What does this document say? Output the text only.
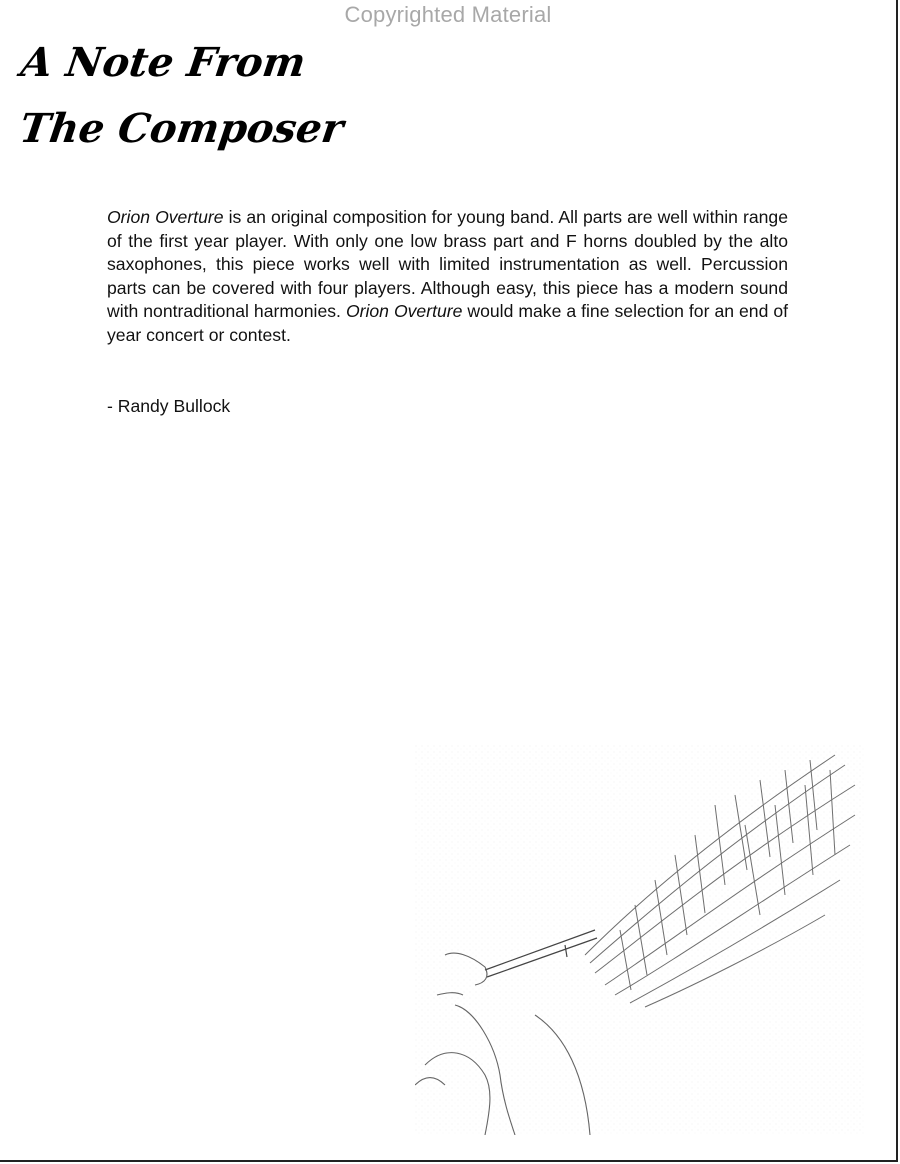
Copyrighted Material
A Note From
The Composer

Orion Overture is an original composition for young band. All parts are well within range of the first year player. With only one low brass part and F horns doubled by the alto saxophones, this piece works well with limited instrumentation as well. Percussion parts can be covered with four players. Although easy, this piece has a modern sound with nontraditional harmonies. Orion Overture would make a fine selection for an end of year concert or contest.

- Randy Bullock
